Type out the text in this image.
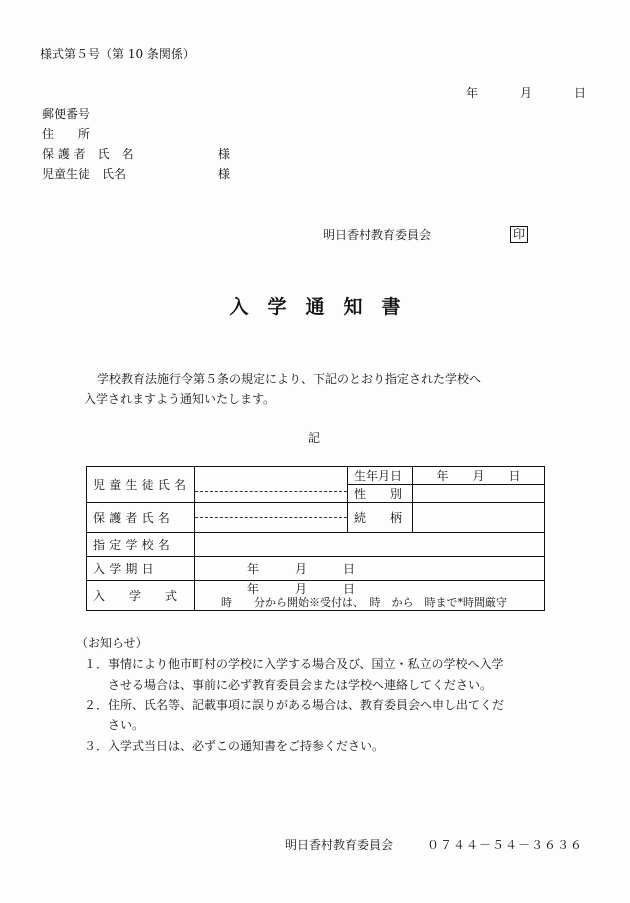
様式第５号（第 10 条関係）
年	月	日
郵便番号
住　　所
保 護 者　氏　名	様
児童生徒　氏名	様
明日香村教育委員会	印
入　学　通　知　書
学校教育法施行令第５条の規定により、下記のとおり指定された学校へ
入学されますよう通知いたします。
記
児童生徒氏名		生年月日	年　　月　　日
		性　　別	
保護者氏名		続　　柄	
指定学校名			
入学期日	年　　　月　　　日		
入　　学　　式	年　　　月　　　日
時　　分から開始※受付は、　時　から　時まで*時間厳守		
（お知らせ）
１．事情により他市町村の学校に入学する場合及び、国立・私立の学校へ入学
させる場合は、事前に必ず教育委員会または学校へ連絡してください。
２．住所、氏名等、記載事項に誤りがある場合は、教育委員会へ申し出てくだ
さい。
３．入学式当日は、必ずこの通知書をご持参ください。
明日香村教育委員会	０７４４－５４－３６３６
